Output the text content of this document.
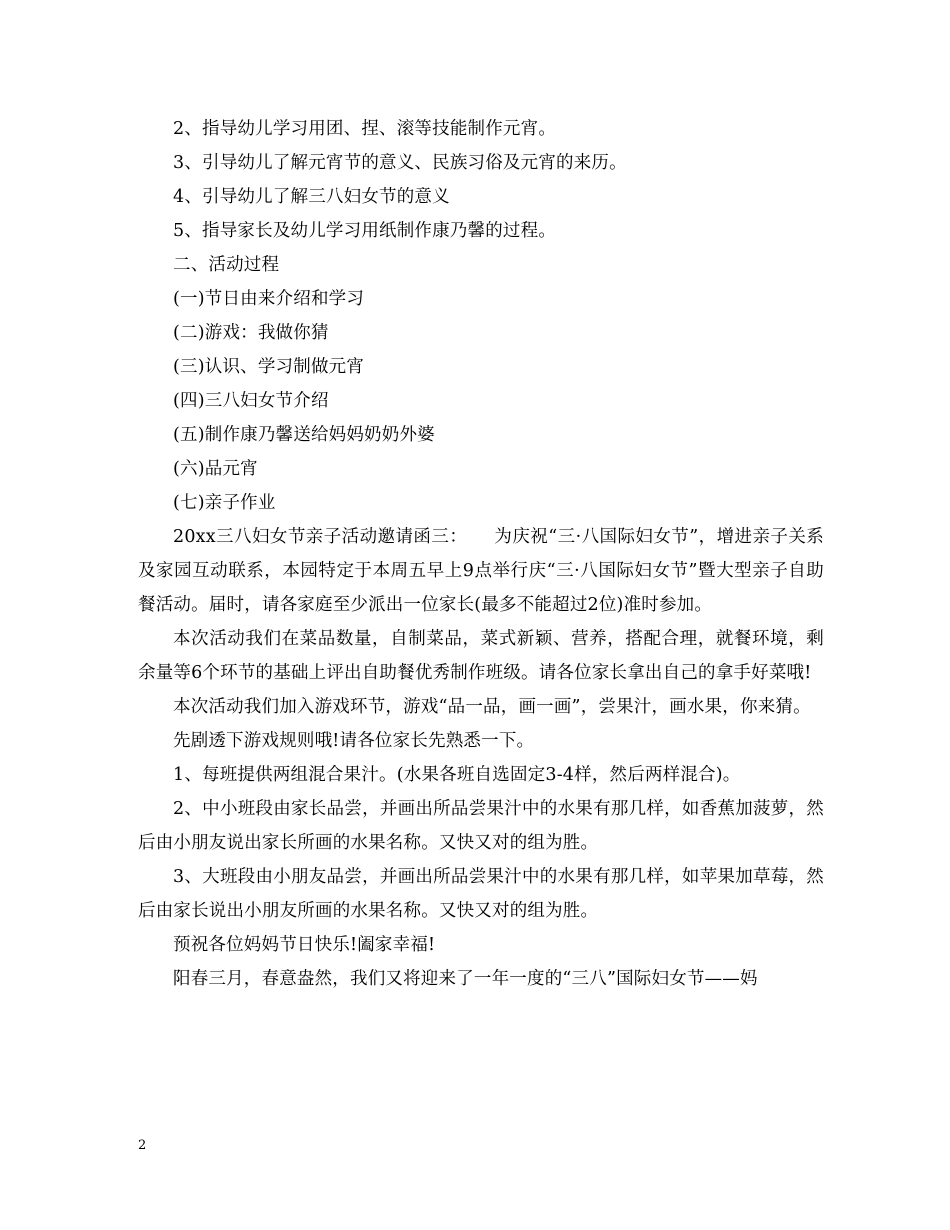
2、指导幼儿学习用团、捏、滚等技能制作元宵。

3、引导幼儿了解元宵节的意义、民族习俗及元宵的来历。

4、引导幼儿了解三八妇女节的意义

5、指导家长及幼儿学习用纸制作康乃馨的过程。

二、活动过程

(一)节日由来介绍和学习

(二)游戏：我做你猜

(三)认识、学习制做元宵

(四)三八妇女节介绍

(五)制作康乃馨送给妈妈奶奶外婆

(六)品元宵

(七)亲子作业

20xx三八妇女节亲子活动邀请函三：　　为庆祝“三·八国际妇女节”，增进亲子关系及家园互动联系，本园特定于本周五早上9点举行庆“三·八国际妇女节”暨大型亲子自助餐活动。届时，请各家庭至少派出一位家长(最多不能超过2位)准时参加。

本次活动我们在菜品数量，自制菜品，菜式新颖、营养，搭配合理，就餐环境，剩余量等6个环节的基础上评出自助餐优秀制作班级。请各位家长拿出自己的拿手好菜哦!

本次活动我们加入游戏环节，游戏“品一品，画一画”，尝果汁，画水果，你来猜。

先剧透下游戏规则哦!请各位家长先熟悉一下。

1、每班提供两组混合果汁。(水果各班自选固定3-4样，然后两样混合)。

2、中小班段由家长品尝，并画出所品尝果汁中的水果有那几样，如香蕉加菠萝，然后由小朋友说出家长所画的水果名称。又快又对的组为胜。

3、大班段由小朋友品尝，并画出所品尝果汁中的水果有那几样，如苹果加草莓，然后由家长说出小朋友所画的水果名称。又快又对的组为胜。

预祝各位妈妈节日快乐!阖家幸福!

阳春三月，春意盎然，我们又将迎来了一年一度的“三八”国际妇女节——妈

2
